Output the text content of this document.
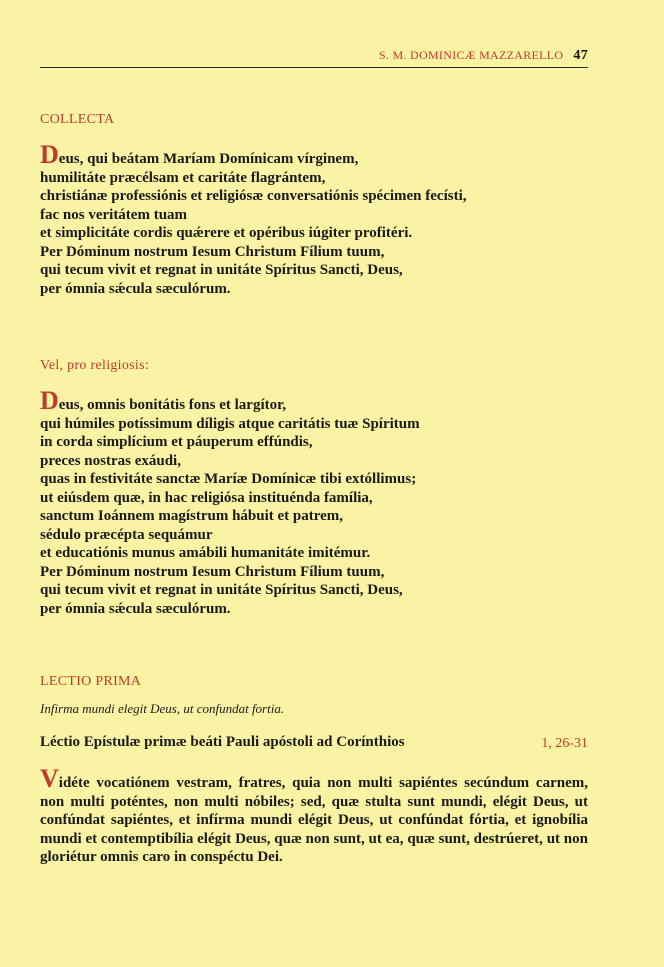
S. M. DOMINICÆ MAZZARELLO 47
COLLECTA
Deus, qui beátam Maríam Domínicam vírginem,
humilitáte præcélsam et caritáte flagrántem,
christiánæ professiónis et religiósæ conversatiónis spécimen fecísti,
fac nos veritátem tuam
et simplicitáte cordis quǽrere et opéribus iúgiter profitéri.
Per Dóminum nostrum Iesum Christum Fílium tuum,
qui tecum vivit et regnat in unitáte Spíritus Sancti, Deus,
per ómnia sǽcula sæculórum.
Vel, pro religiosis:
Deus, omnis bonitátis fons et largítor,
qui húmiles potíssimum díligis atque caritátis tuæ Spíritum
in corda simplícium et páuperum effúndis,
preces nostras exáudi,
quas in festivitáte sanctæ Maríæ Domínicæ tibi extóllimus;
ut eiúsdem quæ, in hac religiósa instituénda família,
sanctum Ioánnem magístrum hábuit et patrem,
sédulo præcépta sequámur
et educatiónis munus amábili humanitáte imitémur.
Per Dóminum nostrum Iesum Christum Fílium tuum,
qui tecum vivit et regnat in unitáte Spíritus Sancti, Deus,
per ómnia sǽcula sæculórum.
LECTIO PRIMA
Infirma mundi elegit Deus, ut confundat fortia.
Léctio Epístulæ primæ beáti Pauli apóstoli ad Corínthios	1, 26-31
Vidéte vocatiónem vestram, fratres, quia non multi sapiéntes secúndum carnem, non multi poténtes, non multi nóbiles; sed, quæ stulta sunt mundi, elégit Deus, ut confúndat sapiéntes, et infírma mundi elégit Deus, ut confúndat fórtia, et ignobília mundi et contemptibília elégit Deus, quæ non sunt, ut ea, quæ sunt, destrúeret, ut non gloriétur omnis caro in conspéctu Dei.
